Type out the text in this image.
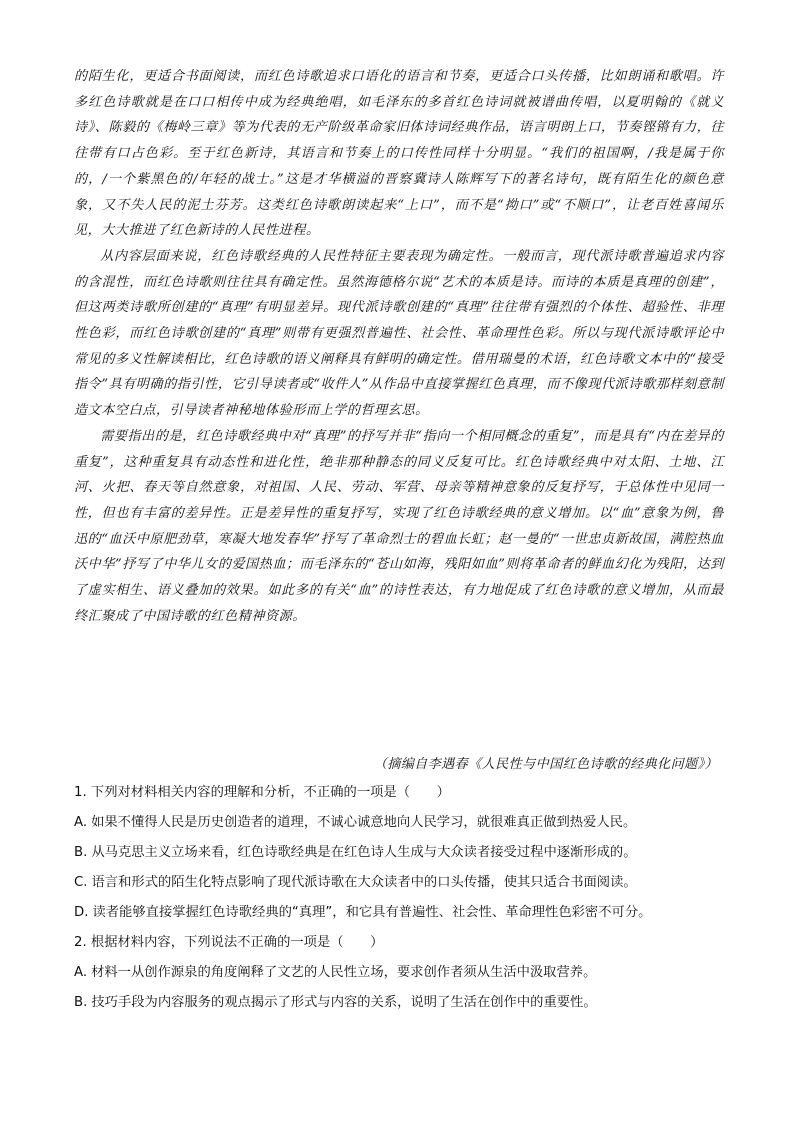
的陌生化，更适合书面阅读，而红色诗歌追求口语化的语言和节奏，更适合口头传播，比如朗诵和歌唱。许多红色诗歌就是在口口相传中成为经典绝唱，如毛泽东的多首红色诗词就被谱曲传唱，以夏明翰的《就义诗》、陈毅的《梅岭三章》等为代表的无产阶级革命家旧体诗词经典作品，语言明朗上口，节奏铿锵有力，往往带有口占色彩。至于红色新诗，其语言和节奏上的口传性同样十分明显。“我们的祖国啊，/我是属于你的，/一个紫黑色的/年轻的战士。”这是才华横溢的晋察冀诗人陈辉写下的著名诗句，既有陌生化的颜色意象，又不失人民的泥土芬芳。这类红色诗歌朗读起来“上口”，而不是“拗口”或“不顺口”，让老百姓喜闻乐见，大大推进了红色新诗的人民性进程。

从内容层面来说，红色诗歌经典的人民性特征主要表现为确定性。一般而言，现代派诗歌普遍追求内容的含混性，而红色诗歌则往往具有确定性。虽然海德格尔说“艺术的本质是诗。而诗的本质是真理的创建”，但这两类诗歌所创建的“真理”有明显差异。现代派诗歌创建的“真理”往往带有强烈的个体性、超验性、非理性色彩，而红色诗歌创建的“真理”则带有更强烈普遍性、社会性、革命理性色彩。所以与现代派诗歌评论中常见的多义性解读相比，红色诗歌的语义阐释具有鲜明的确定性。借用瑞曼的术语，红色诗歌文本中的“接受指令”具有明确的指引性，它引导读者或“收件人”从作品中直接掌握红色真理，而不像现代派诗歌那样刻意制造文本空白点，引导读者神秘地体验形而上学的哲理玄思。

需要指出的是，红色诗歌经典中对“真理”的抒写并非“指向一个相同概念的重复”，而是具有“内在差异的重复”，这种重复具有动态性和进化性，绝非那种静态的同义反复可比。红色诗歌经典中对太阳、土地、江河、火把、春天等自然意象，对祖国、人民、劳动、军营、母亲等精神意象的反复抒写，于总体性中见同一性，但也有丰富的差异性。正是差异性的重复抒写，实现了红色诗歌经典的意义增加。以“血”意象为例，鲁迅的“血沃中原肥劲草，寒凝大地发春华”抒写了革命烈士的碧血长虹；赵一曼的“一世忠贞新故国，满腔热血沃中华”抒写了中华儿女的爱国热血；而毛泽东的“苍山如海，残阳如血”则将革命者的鲜血幻化为残阳，达到了虚实相生、语义叠加的效果。如此多的有关“血”的诗性表达，有力地促成了红色诗歌的意义增加，从而最终汇聚成了中国诗歌的红色精神资源。

（摘编自李遇春《人民性与中国红色诗歌的经典化问题》）
1. 下列对材料相关内容的理解和分析，不正确的一项是（　　）
A. 如果不懂得人民是历史创造者的道理，不诚心诚意地向人民学习，就很难真正做到热爱人民。
B. 从马克思主义立场来看，红色诗歌经典是在红色诗人生成与大众读者接受过程中逐渐形成的。
C. 语言和形式的陌生化特点影响了现代派诗歌在大众读者中的口头传播，使其只适合书面阅读。
D. 读者能够直接掌握红色诗歌经典的“真理”，和它具有普遍性、社会性、革命理性色彩密不可分。
2. 根据材料内容，下列说法不正确的一项是（　　）
A. 材料一从创作源泉的角度阐释了文艺的人民性立场，要求创作者须从生活中汲取营养。
B. 技巧手段为内容服务的观点揭示了形式与内容的关系，说明了生活在创作中的重要性。
